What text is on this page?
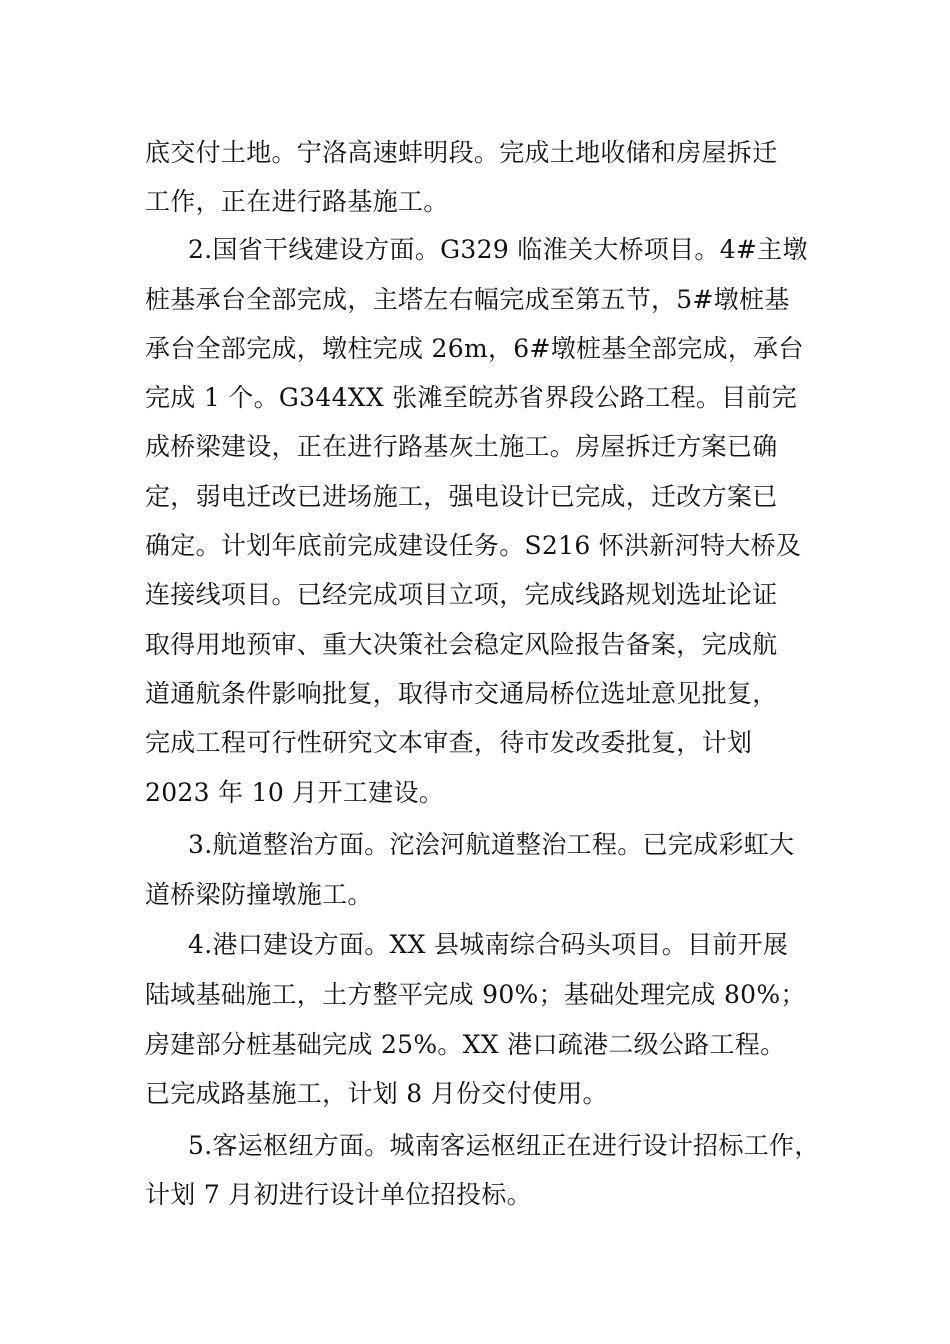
底交付土地。宁洛高速蚌明段。完成土地收储和房屋拆迁
工作，正在进行路基施工。
2.国省干线建设方面。G329 临淮关大桥项目。4#主墩
桩基承台全部完成，主塔左右幅完成至第五节，5#墩桩基
承台全部完成，墩柱完成 26m，6#墩桩基全部完成，承台
完成 1 个。G344XX 张滩至皖苏省界段公路工程。目前完
成桥梁建设，正在进行路基灰土施工。房屋拆迁方案已确
定，弱电迁改已进场施工，强电设计已完成，迁改方案已
确定。计划年底前完成建设任务。S216 怀洪新河特大桥及
连接线项目。已经完成项目立项，完成线路规划选址论证
取得用地预审、重大决策社会稳定风险报告备案，完成航
道通航条件影响批复，取得市交通局桥位选址意见批复，
完成工程可行性研究文本审查，待市发改委批复，计划
2023 年 10 月开工建设。
3.航道整治方面。沱浍河航道整治工程。已完成彩虹大
道桥梁防撞墩施工。
4.港口建设方面。XX 县城南综合码头项目。目前开展
陆域基础施工，土方整平完成 90%；基础处理完成 80%；
房建部分桩基础完成 25%。XX 港口疏港二级公路工程。
已完成路基施工，计划 8 月份交付使用。
5.客运枢纽方面。城南客运枢纽正在进行设计招标工作，
计划 7 月初进行设计单位招投标。
